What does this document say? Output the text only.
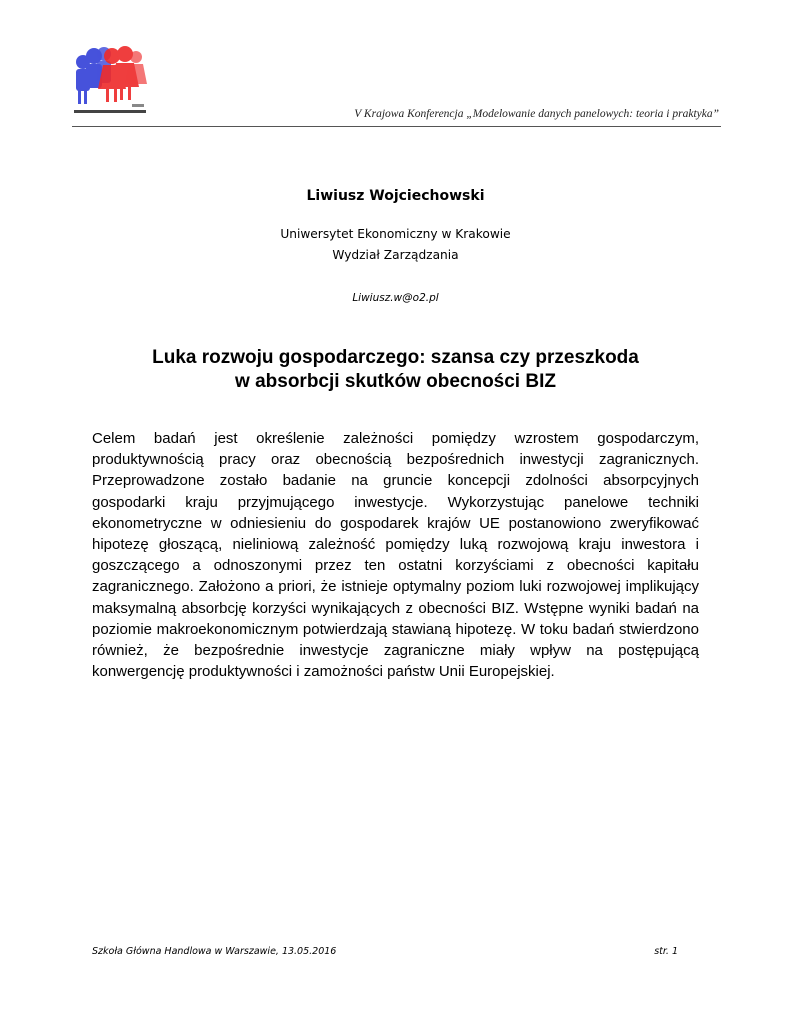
V Krajowa Konferencja „Modelowanie danych panelowych: teoria i praktyka”
Liwiusz Wojciechowski
Uniwersytet Ekonomiczny w Krakowie
Wydział Zarządzania
Liwiusz.w@o2.pl
Luka rozwoju gospodarczego: szansa czy przeszkoda
w absorbcji skutków obecności BIZ

Celem badań jest określenie zależności pomiędzy wzrostem gospodarczym, produktywnością pracy oraz obecnością bezpośrednich inwestycji zagranicznych. Przeprowadzone zostało badanie na gruncie koncepcji zdolności absorpcyjnych gospodarki kraju przyjmującego inwestycje. Wykorzystując panelowe techniki ekonometryczne w odniesieniu do gospodarek krajów UE postanowiono zweryfikować hipotezę głoszącą, nieliniową zależność pomiędzy luką rozwojową kraju inwestora i goszczącego a odnoszonymi przez ten ostatni korzyściami z obecności kapitału zagranicznego. Założono a priori, że istnieje optymalny poziom luki rozwojowej implikujący maksymalną absorbcję korzyści wynikających z obecności BIZ. Wstępne wyniki badań na poziomie makroekonomicznym potwierdzają stawianą hipotezę. W toku badań stwierdzono również, że bezpośrednie inwestycje zagraniczne miały wpływ na postępującą konwergencję produktywności i zamożności państw Unii Europejskiej.

Szkoła Główna Handlowa w Warszawie, 13.05.2016	str. 1
